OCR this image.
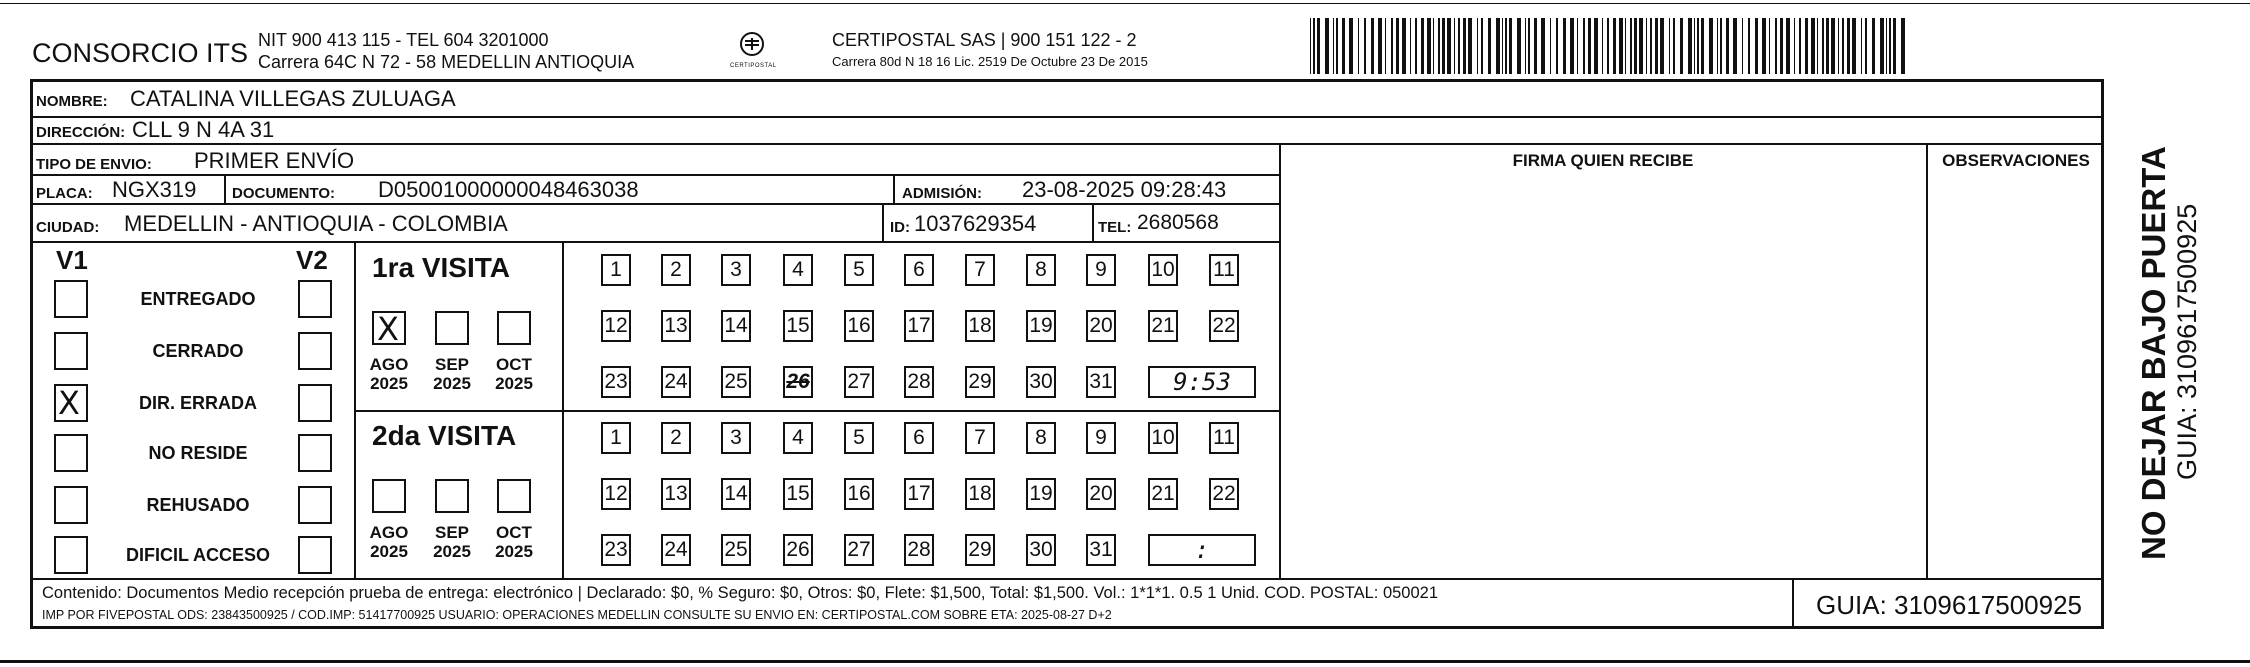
CONSORCIO ITS NIT 900 413 115 - TEL 604 3201000
Carrera 64C N 72 - 58 MEDELLIN ANTIOQUIA	CERTIPOSTAL
CERTIPOSTAL SAS | 900 151 122 - 2
Carrera 80d N 18 16 Lic. 2519 De Octubre 23 De 2015
NOMBRE: CATALINA VILLEGAS ZULUAGA
DIRECCIÓN: CLL 9 N 4A 31
TIPO DE ENVIO: PRIMER ENVÍO
PLACA: NGX319 DOCUMENTO: D05001000000048463038	ADMISIÓN: 23-08-2025 09:28:43
CIUDAD: MEDELLIN - ANTIOQUIA - COLOMBIA	ID: 1037629354	TEL: 2680568
FIRMA QUIEN RECIBE	OBSERVACIONES
V1	V2
ENTREGADO
CERRADO
X	DIR. ERRADA
NO RESIDE
REHUSADO
DIFICIL ACCESO
1ra VISITA
2da VISITA
X
AGO
2025
SEP
2025
OCT
2025
1	2	3	4	5	6	7	8	9	10 11
12 13 14 15 16 17 18 19 20 21 22
23 24 25 26 27 28 29 30 31	9:53
AGO
2025
SEP
2025
OCT
2025
1	2	3	4	5	6	7	8	9	10 11
12 13 14 15 16 17 18 19 20 21 22
23 24 25 26 27 28 29 30 31	:
Contenido: Documentos Medio recepción prueba de entrega: electrónico | Declarado: $0, % Seguro: $0, Otros: $0, Flete: $1,500, Total: $1,500. Vol.: 1*1*1. 0.5 1 Unid. COD. POSTAL: 050021
IMP POR FIVEPOSTAL ODS: 23843500925 / COD.IMP: 51417700925 USUARIO: OPERACIONES MEDELLIN CONSULTE SU ENVIO EN: CERTIPOSTAL.COM SOBRE ETA: 2025-08-27 D+2	GUIA: 3109617500925
NO DEJAR BAJO PUERTA GUIA: 3109617500925
